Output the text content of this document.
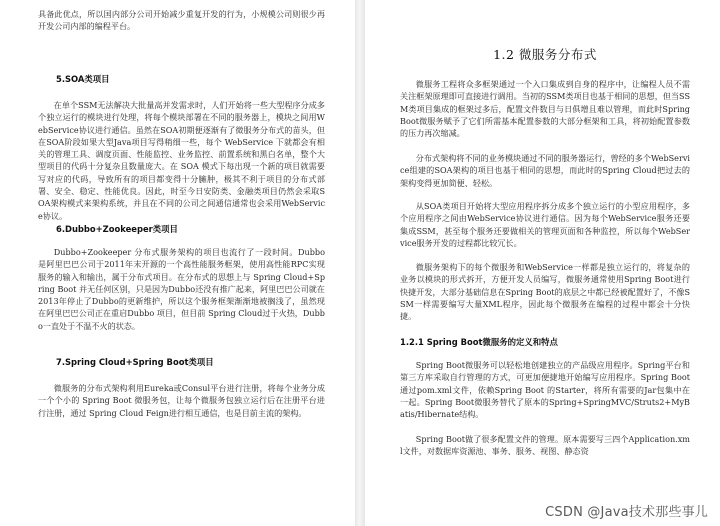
具备此优点，所以国内部分公司开始减少重复开发的行为，小规模公司则很少再开发公司内部的编程平台。

5.SOA类项目

在单个SSM无法解决大批量高并发需求时，人们开始将一些大型程序分成多个独立运行的模块进行处理，将每个模块部署在不同的服务器上，模块之间用WebService协议进行通信。虽然在SOA初期便逐渐有了微服务分布式的苗头，但在SOA阶段如果大型Java项目写得稍细一些，每个 WebService 下就都会有相关的管理工具、调度页面、性能监控、业务监控、前置系统和黑白名单，整个大型项目的代码十分复杂且数量庞大。在 SOA 模式下每出现一个新的项目就需要写对应的代码，导致所有的项目都变得十分臃肿，极其不利于项目的分布式部署、安全、稳定、性能优良。因此，时至今日安防类、金融类项目仍然会采取SOA架构模式来架构系统，并且在不同的公司之间通信通常也会采用WebService协议。

6.Dubbo+Zookeeper类项目

Dubbo+Zookeeper 分布式服务架构的项目也流行了一段时间。Dubbo 是阿里巴巴公司于2011年末开源的一个高性能服务框架，使用高性能RPC实现服务的输入和输出，属于分布式项目。在分布式的思想上与 Spring Cloud+Spring Boot 并无任何区别，只是因为Dubbo还没有推广起来，阿里巴巴公司就在2013年停止了Dubbo的更新维护，所以这个服务框架渐渐地被搁浅了，虽然现在阿里巴巴公司正在重启Dubbo 项目，但目前 Spring Cloud过于火热，Dubbo一直处于不温不火的状态。

7.Spring Cloud+Spring Boot类项目

微服务的分布式架构利用Eureka或Consul平台进行注册，将每个业务分成一个个小的 Spring Boot 微服务包，让每个微服务包独立运行后在注册平台进行注册，通过 Spring Cloud Feign进行相互通信，也是目前主流的架构。

1.2 微服务分布式

微服务工程将众多框架通过一个入口集成到自身的程序中，让编程人员不需关注框架原理即可直接进行调用。当初的SSM类项目也基于相同的思想，但当SSM类项目集成的框架过多后，配置文件数目与日俱增且难以管理，而此时Spring Boot微服务赋予了它们所需基本配置参数的大部分框架和工具，将初始配置参数的压力再次缩减。

分布式架构将不同的业务模块通过不同的服务器运行，曾经的多个WebService组建的SOA架构的项目也基于相同的思想，而此时的Spring Cloud把过去的架构变得更加简便、轻松。

从SOA类项目开始将大型应用程序拆分成多个独立运行的小型应用程序，多个应用程序之间由WebService协议进行通信。因为每个WebService服务还要集成SSM，甚至每个服务还要做相关的管理页面和各种监控，所以每个WebService服务开发的过程都比较冗长。

微服务架构下的每个微服务和WebService一样都是独立运行的，将复杂的业务以模块的形式拆开，方便开发人员编写，微服务通常使用Spring Boot进行快捷开发，大部分基础信息在Spring Boot的底层之中都已经被配置好了，不像SSM一样需要编写大量XML程序，因此每个微服务在编程的过程中都会十分快捷。

1.2.1 Spring Boot微服务的定义和特点

Spring Boot微服务可以轻松地创建独立的产品级应用程序。Spring平台和第三方库采取自行管理的方式，可更加便捷地开始编写应用程序。Spring Boot 通过pom.xml文件，依赖Spring Boot 的Starter，将所有需要的Jar包集中在一起。Spring Boot微服务替代了原本的Spring+SpringMVC/Struts2+MyBatis/Hibernate结构。

Spring Boot做了很多配置文件的管理。原本需要写三四个Application.xml文件，对数据库资源池、事务、服务、视图、静态资

CSDN @Java技术那些事儿
